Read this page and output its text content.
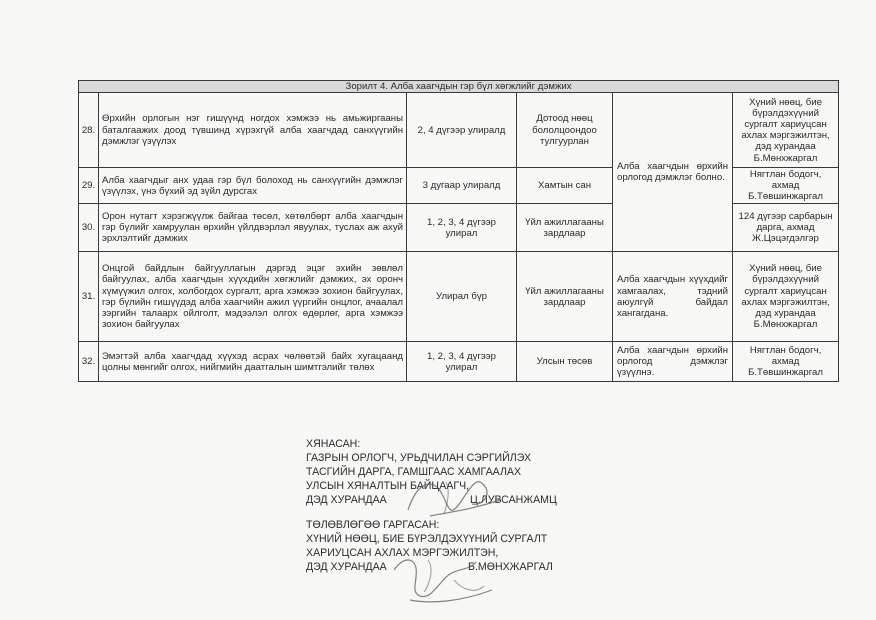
Зорилт 4. Алба хаагчдын гэр бүл хөгжлийг дэмжих					
28.	Өрхийн орлогын нэг гишүүнд ногдох хэмжээ нь амьжиргааны баталгаажих доод түвшинд хүрэхгүй алба хаагчдад санхүүгийн дэмжлэг үзүүлэх	2, 4 дүгээр улиралд	Дотоод нөөц бололцоондоо тулгуурлан	Алба хаагчдын өрхийн орлогод дэмжлэг болно.	Хүний нөөц, бие бүрэлдэхүүний сургалт хариуцсан ахлах мэргэжилтэн, дэд хурандаа Б.Мөнхжаргал
29.	Алба хаагчдыг анх удаа гэр бүл болоход нь санхүүгийн дэмжлэг үзүүлэх, үнэ бүхий эд зүйл дурсгах	3 дугаар улиралд	Хамтын сан		Нягтлан бодогч, ахмад Б.Төвшинжаргал
30.	Орон нутагт хэрэгжүүлж байгаа төсөл, хөтөлбөрт алба хаагчдын гэр бүлийг хамруулан өрхийн үйлдвэрлэл явуулах, туслах аж ахуй эрхлэлтийг дэмжих	1, 2, 3, 4 дүгээр улирал	Үйл ажиллагааны зардлаар		124 дүгээр сарбарын дарга, ахмад Ж.Цэцэгдэлгэр
31.	Онцгой байдлын байгууллагын дэргэд эцэг эхийн зөвлөл байгуулах, алба хаагчдын хүүхдийн хөгжлийг дэмжих, эх оронч хүмүүжил олгох, холбогдох сургалт, арга хэмжээ зохион байгуулах, гэр бүлийн гишүүдэд алба хаагчийн ажил үүргийн онцлог, ачаалал зэргийн талаарх ойлголт, мэдээлэл олгох өдөрлөг, арга хэмжээ зохион байгуулах	Улирал бүр	Үйл ажиллагааны зардлаар	Алба хаагчдын хүүхдийг хамгаалах, тэдний аюулгүй байдал хангагдана.	Хүний нөөц, бие бүрэлдэхүүний сургалт хариуцсан ахлах мэргэжилтэн, дэд хурандаа Б.Мөнхжаргал
32.	Эмэгтэй алба хаагчдад хүүхэд асрах чөлөөтэй байх хугацаанд цолны мөнгийг олгох, нийгмийн даатгалын шимтгэлийг төлөх	1, 2, 3, 4 дүгээр улирал	Улсын төсөв	Алба хаагчдын өрхийн орлогод дэмжлэг үзүүлнэ.	Нягтлан бодогч, ахмад Б.Төвшинжаргал
ХЯНАСАН:
ГАЗРЫН ОРЛОГЧ, УРЬДЧИЛАН СЭРГИЙЛЭХ
ТАСГИЙН ДАРГА, ГАМШГААС ХАМГААЛАХ
УЛСЫН ХЯНАЛТЫН БАЙЦААГЧ,
ДЭД ХУРАНДАА	Ц.ЛУВСАНЖАМЦ
ТӨЛӨВЛӨГӨӨ ГАРГАСАН:
ХҮНИЙ НӨӨЦ, БИЕ БҮРЭЛДЭХҮҮНИЙ СУРГАЛТ
ХАРИУЦСАН АХЛАХ МЭРГЭЖИЛТЭН,
ДЭД ХУРАНДАА	Б.МӨНХЖАРГАЛ
